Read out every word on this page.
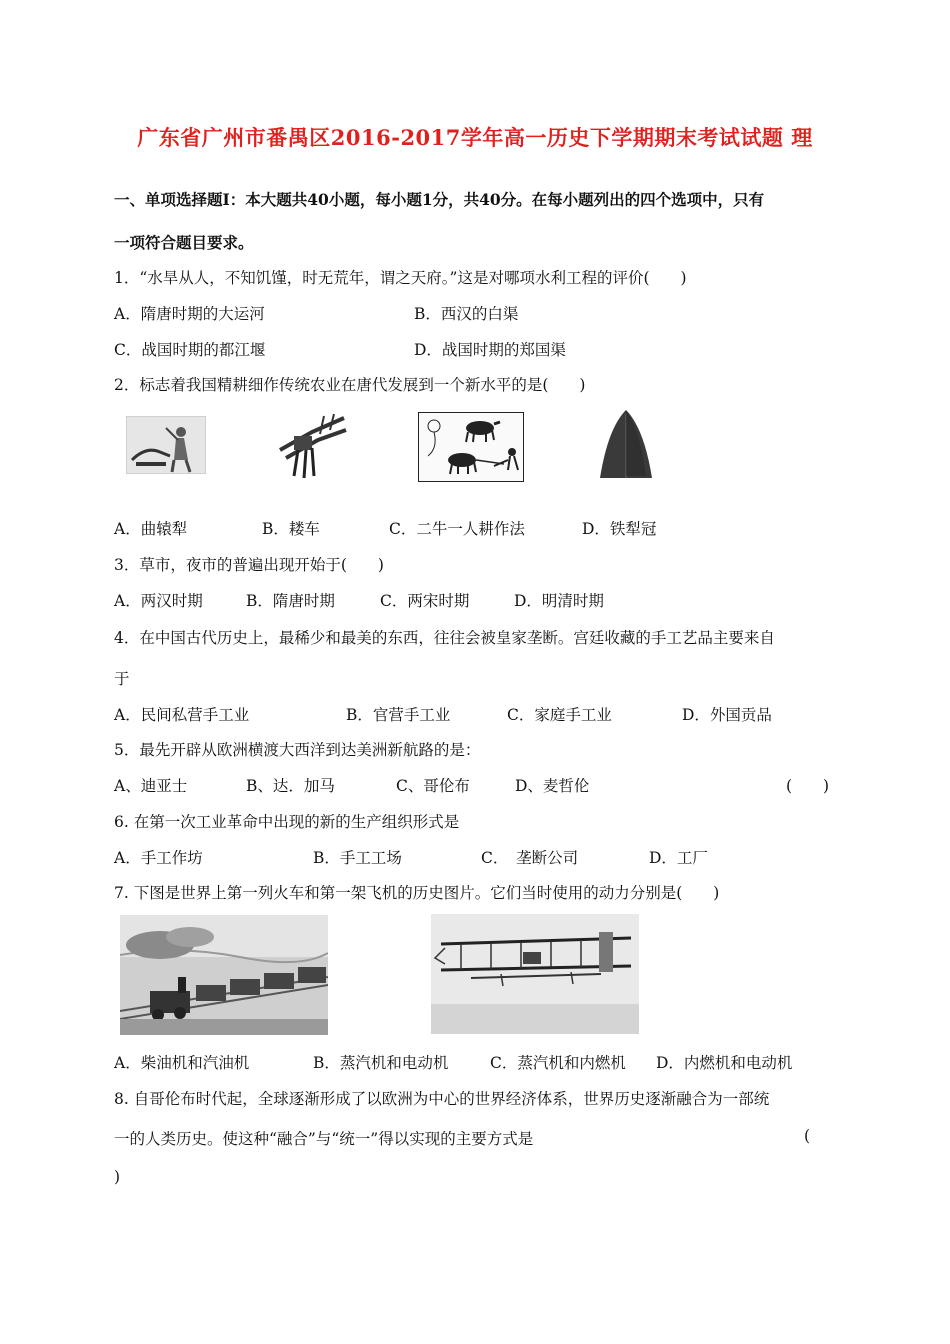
广东省广州市番禺区2016-2017学年高一历史下学期期末考试试题 理
一、单项选择题Ⅰ：本大题共40小题，每小题1分，共40分。在每小题列出的四个选项中，只有
一项符合题目要求。
1．“水旱从人，不知饥馑，时无荒年，谓之天府。”这是对哪项水利工程的评价(　　)
A．隋唐时期的大运河	B．西汉的白渠
C．战国时期的都江堰	D．战国时期的郑国渠
2．标志着我国精耕细作传统农业在唐代发展到一个新水平的是(　　)
A．曲辕犁	B．耧车	C．二牛一人耕作法	D．铁犁冠
3．草市，夜市的普遍出现开始于(　　)
A．两汉时期	B．隋唐时期	C．两宋时期	D．明清时期
4．在中国古代历史上，最稀少和最美的东西，往往会被皇家垄断。宫廷收藏的手工艺品主要来自
于
A．民间私营手工业	B．官营手工业	C．家庭手工业	D．外国贡品
5．最先开辟从欧洲横渡大西洋到达美洲新航路的是：
A、迪亚士	B、达．加马	C、哥伦布	D、麦哲伦	(　　)
6. 在第一次工业革命中出现的新的生产组织形式是
A．手工作坊	B．手工工场	C．　垄断公司	D．工厂
7. 下图是世界上第一列火车和第一架飞机的历史图片。它们当时使用的动力分别是(　　)
A．柴油机和汽油机	B．蒸汽机和电动机	C．蒸汽机和内燃机 D．内燃机和电动机
8. 自哥伦布时代起，全球逐渐形成了以欧洲为中心的世界经济体系，世界历史逐渐融合为一部统
一的人类历史。使这种“融合”与“统一”得以实现的主要方式是	(
)
